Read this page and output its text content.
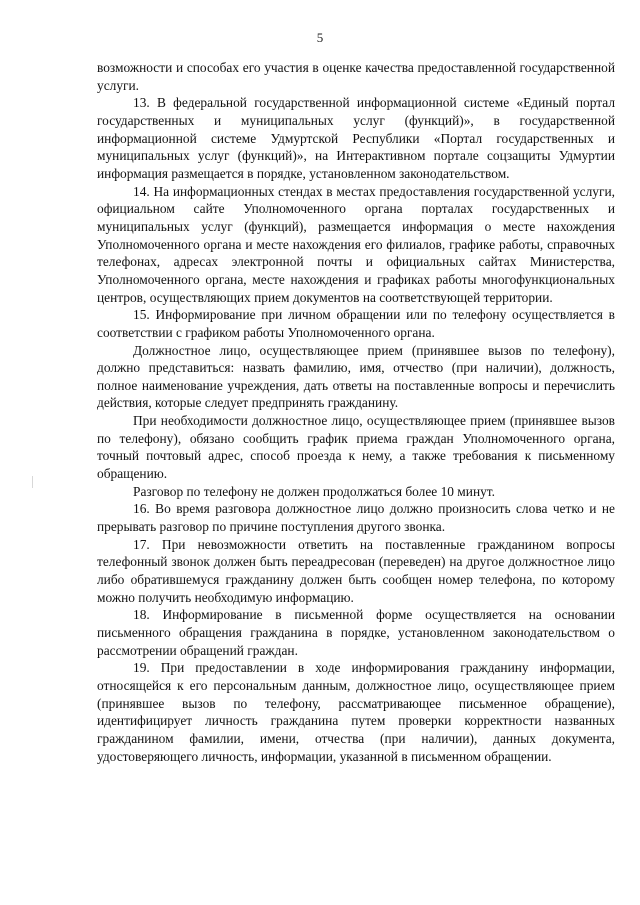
5

возможности и способах его участия в оценке качества предоставленной государственной услуги.

13. В федеральной государственной информационной системе «Единый портал государственных и муниципальных услуг (функций)», в государственной информационной системе Удмуртской Республики «Портал государственных и муниципальных услуг (функций)», на Интерактивном портале соцзащиты Удмуртии информация размещается в порядке, установленном законодательством.

14. На информационных стендах в местах предоставления государственной услуги, официальном сайте Уполномоченного органа порталах государственных и муниципальных услуг (функций), размещается информация о месте нахождения Уполномоченного органа и месте нахождения его филиалов, графике работы, справочных телефонах, адресах электронной почты и официальных сайтах Министерства, Уполномоченного органа, месте нахождения и графиках работы многофункциональных центров, осуществляющих прием документов на соответствующей территории.

15. Информирование при личном обращении или по телефону осуществляется в соответствии с графиком работы Уполномоченного органа.

Должностное лицо, осуществляющее прием (принявшее вызов по телефону), должно представиться: назвать фамилию, имя, отчество (при наличии), должность, полное наименование учреждения, дать ответы на поставленные вопросы и перечислить действия, которые следует предпринять гражданину.

При необходимости должностное лицо, осуществляющее прием (принявшее вызов по телефону), обязано сообщить график приема граждан Уполномоченного органа, точный почтовый адрес, способ проезда к нему, а также требования к письменному обращению.

Разговор по телефону не должен продолжаться более 10 минут.

16. Во время разговора должностное лицо должно произносить слова четко и не прерывать разговор по причине поступления другого звонка.

17. При невозможности ответить на поставленные гражданином вопросы телефонный звонок должен быть переадресован (переведен) на другое должностное лицо либо обратившемуся гражданину должен быть сообщен номер телефона, по которому можно получить необходимую информацию.

18. Информирование в письменной форме осуществляется на основании письменного обращения гражданина в порядке, установленном законодательством о рассмотрении обращений граждан.

19. При предоставлении в ходе информирования гражданину информации, относящейся к его персональным данным, должностное лицо, осуществляющее прием (принявшее вызов по телефону, рассматривающее письменное обращение), идентифицирует личность гражданина путем проверки корректности названных гражданином фамилии, имени, отчества (при наличии), данных документа, удостоверяющего личность, информации, указанной в письменном обращении.
